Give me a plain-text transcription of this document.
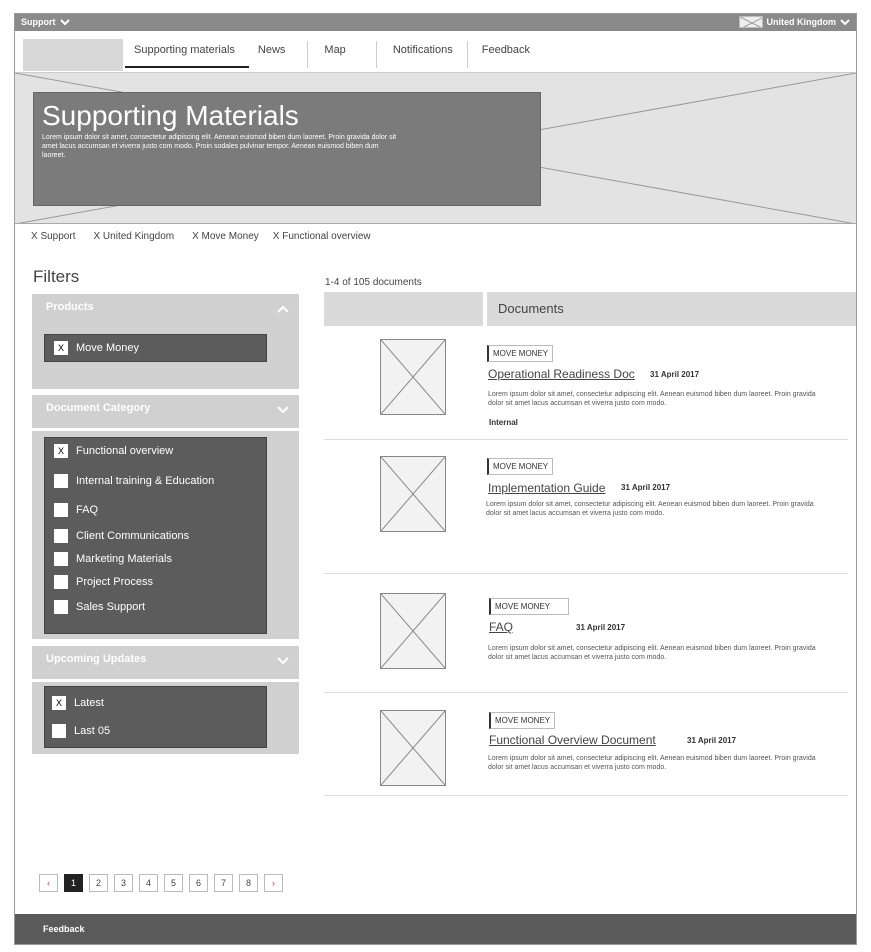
Support	United Kingdom
Supporting materials	News	Map	Notifications	Feedback
Supporting Materials
Lorem ipsum dolor sit amet, consectetur adipiscing elit. Aenean euismod biben dum laoreet. Proin gravida dolor sit amet lacus accumsan et viverra justo com modo. Proin sodales pulvinar tempor. Aenean euismod biben dum laoreet.
X Support X United Kingdom X Move Money X Functional overview
Filters
Products
X	Move Money
Document Category
X	Functional overview
Internal training & Education
FAQ
Client Communications
Marketing Materials
Project Process
Sales Support
Upcoming Updates
X	Latest
Last 05
1-4 of 105 documents
Documents
MOVE MONEY
Operational Readiness Doc 31 April 2017
Lorem ipsum dolor sit amet, consectetur adipiscing elit. Aenean euismod biben dum laoreet. Proin gravida dolor sit amet lacus accumsan et viverra justo com modo.
Internal
MOVE MONEY
Implementation Guide 31 April 2017
Lorem ipsum dolor sit amet, consectetur adipiscing elit. Aenean euismod biben dum laoreet. Proin gravida dolor sit amet lacus accumsan et viverra justo com modo.
MOVE MONEY
FAQ	31 April 2017
Lorem ipsum dolor sit amet, consectetur adipiscing elit. Aenean euismod biben dum laoreet. Proin gravida dolor sit amet lacus accumsan et viverra justo com modo.
MOVE MONEY
Functional Overview Document	31 April 2017
Lorem ipsum dolor sit amet, consectetur adipiscing elit. Aenean euismod biben dum laoreet. Proin gravida dolor sit amet lacus accumsan et viverra justo com modo.
‹	1	2	3	4	5	6	7	8	›
Feedback
